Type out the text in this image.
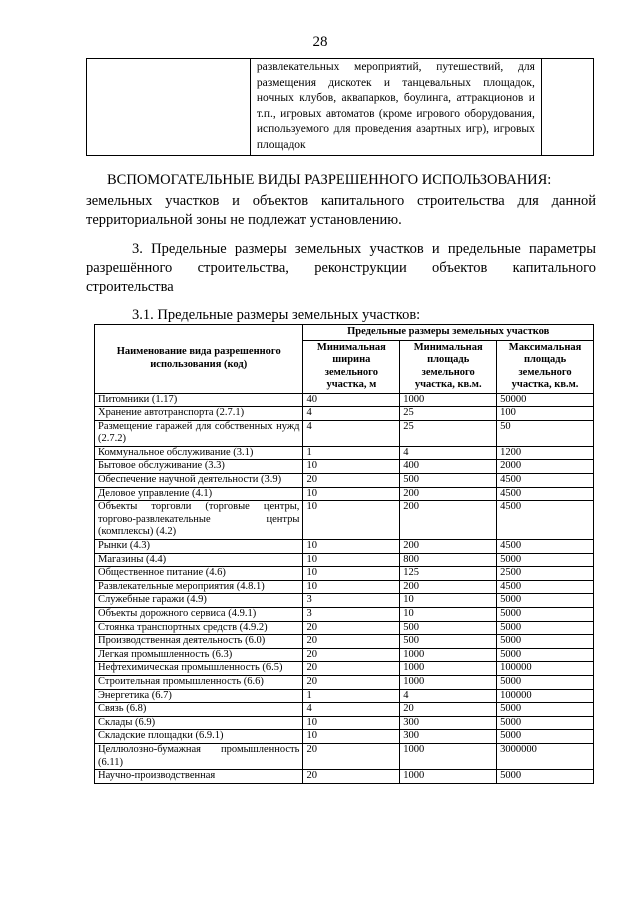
28
	развлекательных мероприятий, путешествий, для размещения дискотек и танцевальных площадок, ночных клубов, аквапарков, боулинга, аттракционов и т.п., игровых автоматов (кроме игрового оборудования, используемого для проведения азартных игр), игровых площадок	
ВСПОМОГАТЕЛЬНЫЕ ВИДЫ РАЗРЕШЕННОГО ИСПОЛЬЗОВАНИЯ:
земельных участков и объектов капитального строительства для данной территориальной зоны не подлежат установлению.
3. Предельные размеры земельных участков и предельные параметры разрешённого строительства, реконструкции объектов капитального строительства
3.1. Предельные размеры земельных участков:
Наименование вида разрешенного использования (код)	Предельные размеры земельных участков		
	Минимальная ширина земельного участка, м	Минимальная площадь земельного участка, кв.м.	Максимальная площадь земельного участка, кв.м.
Питомники (1.17)	40	1000	50000
Хранение автотранспорта (2.7.1)	4	25	100
Размещение гаражей для собственных нужд (2.7.2)	4	25	50
Коммунальное обслуживание (3.1)	1	4	1200
Бытовое обслуживание (3.3)	10	400	2000
Обеспечение научной деятельности (3.9)	20	500	4500
Деловое управление (4.1)	10	200	4500
Объекты торговли (торговые центры, торгово-развлекательные центры (комплексы) (4.2)	10	200	4500
Рынки (4.3)	10	200	4500
Магазины (4.4)	10	800	5000
Общественное питание (4.6)	10	125	2500
Развлекательные мероприятия (4.8.1)	10	200	4500
Служебные гаражи (4.9)	3	10	5000
Объекты дорожного сервиса (4.9.1)	3	10	5000
Стоянка транспортных средств (4.9.2)	20	500	5000
Производственная деятельность (6.0)	20	500	5000
Легкая промышленность (6.3)	20	1000	5000
Нефтехимическая промышленность (6.5)	20	1000	100000
Строительная промышленность (6.6)	20	1000	5000
Энергетика (6.7)	1	4	100000
Связь (6.8)	4	20	5000
Склады (6.9)	10	300	5000
Складские площадки (6.9.1)	10	300	5000
Целлюлозно-бумажная промышленность (6.11)	20	1000	3000000
Научно-производственная	20	1000	5000
